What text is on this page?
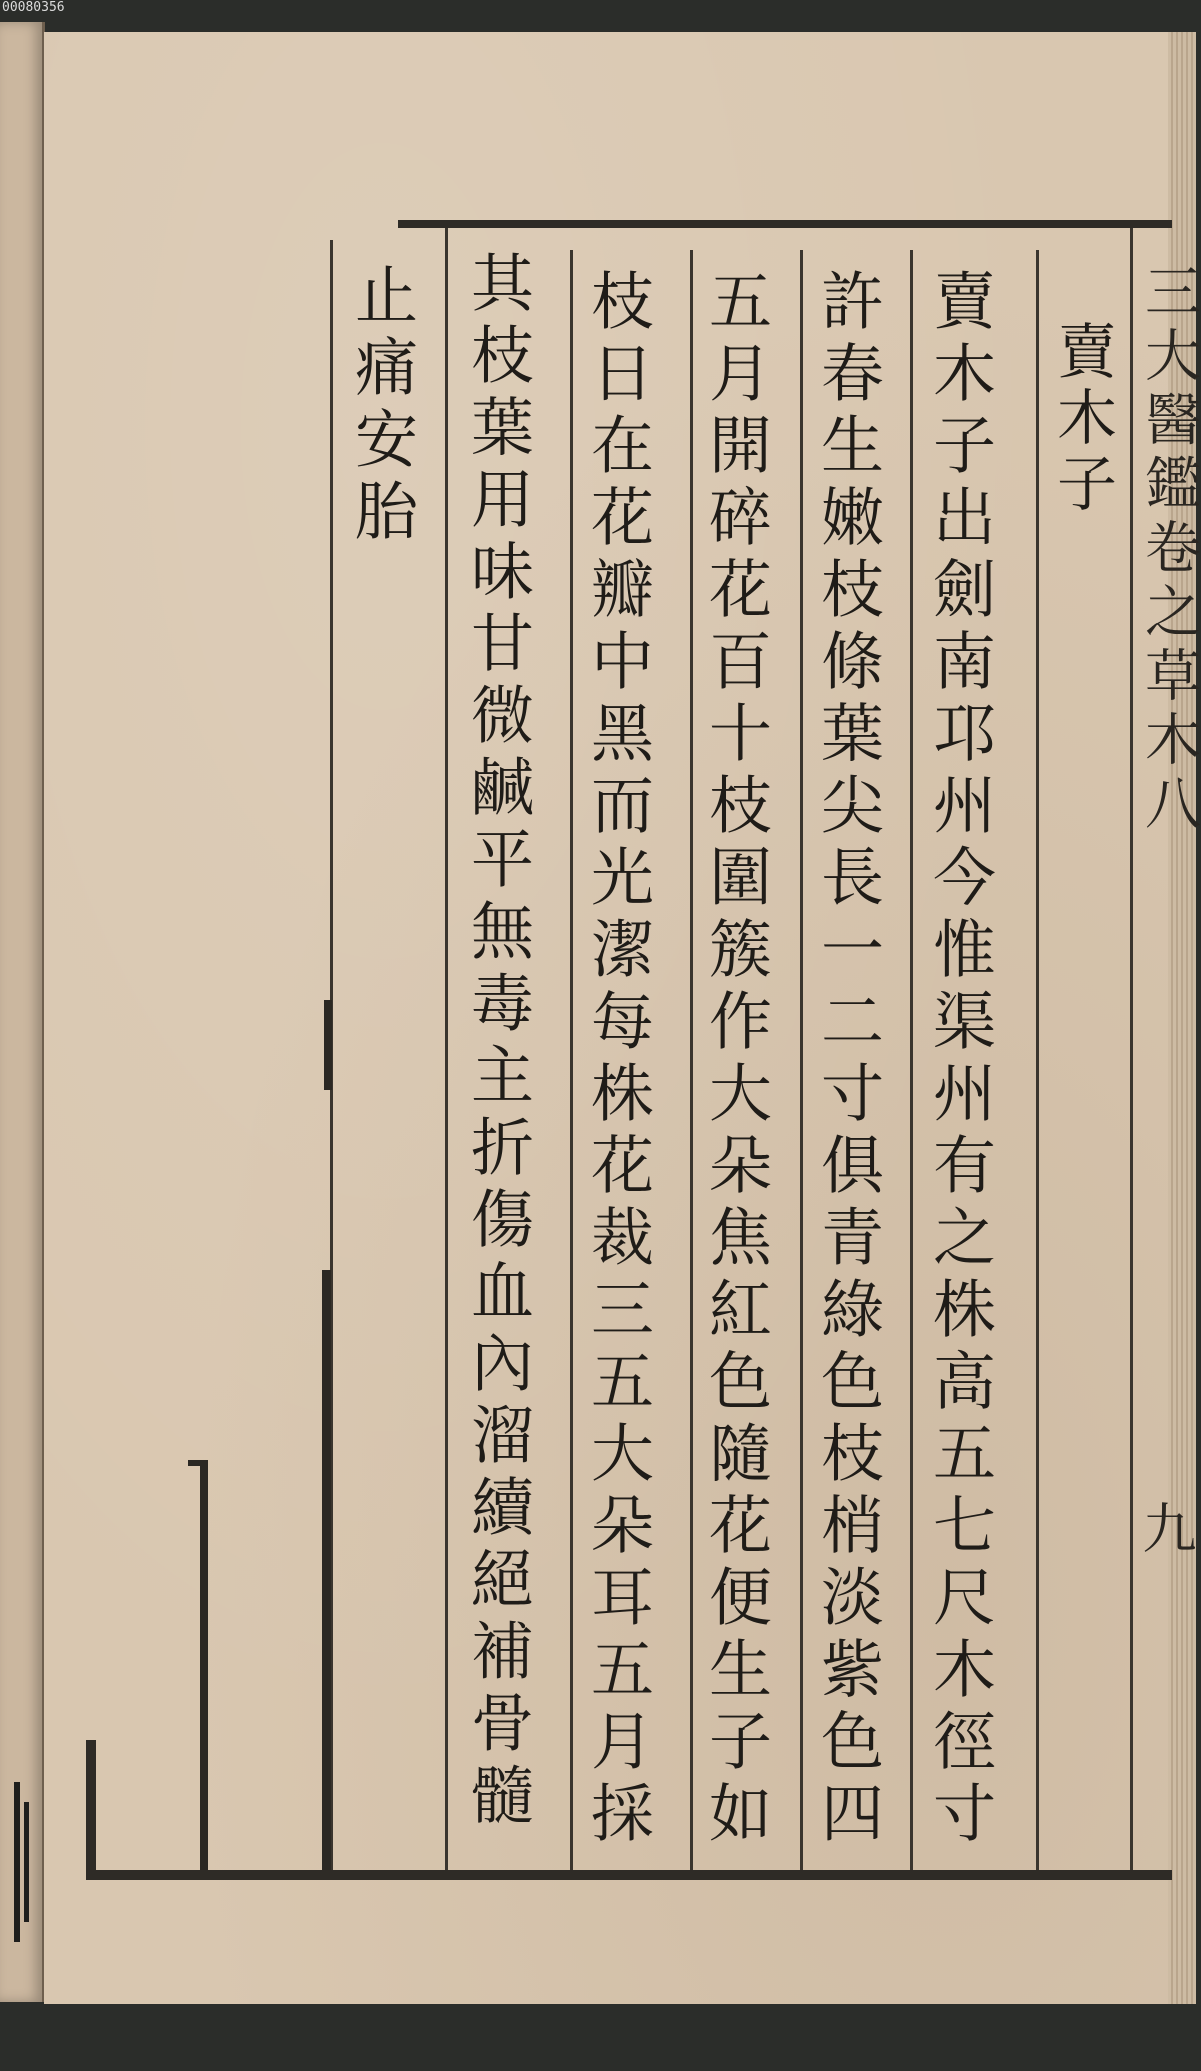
00080356
三大醫鑑卷之草木八
九
賣木子
賣木子出劍南邛州今惟渠州有之株高五七尺木徑寸
許春生嫩枝條葉尖長一二寸俱青綠色枝梢淡紫色四
五月開碎花百十枝圍簇作大朵焦紅色隨花便生子如
枝日在花瓣中黑而光潔每株花裁三五大朵耳五月採
其枝葉用味甘微鹹平無毒主折傷血內溜續絕補骨髓
止痛安胎
